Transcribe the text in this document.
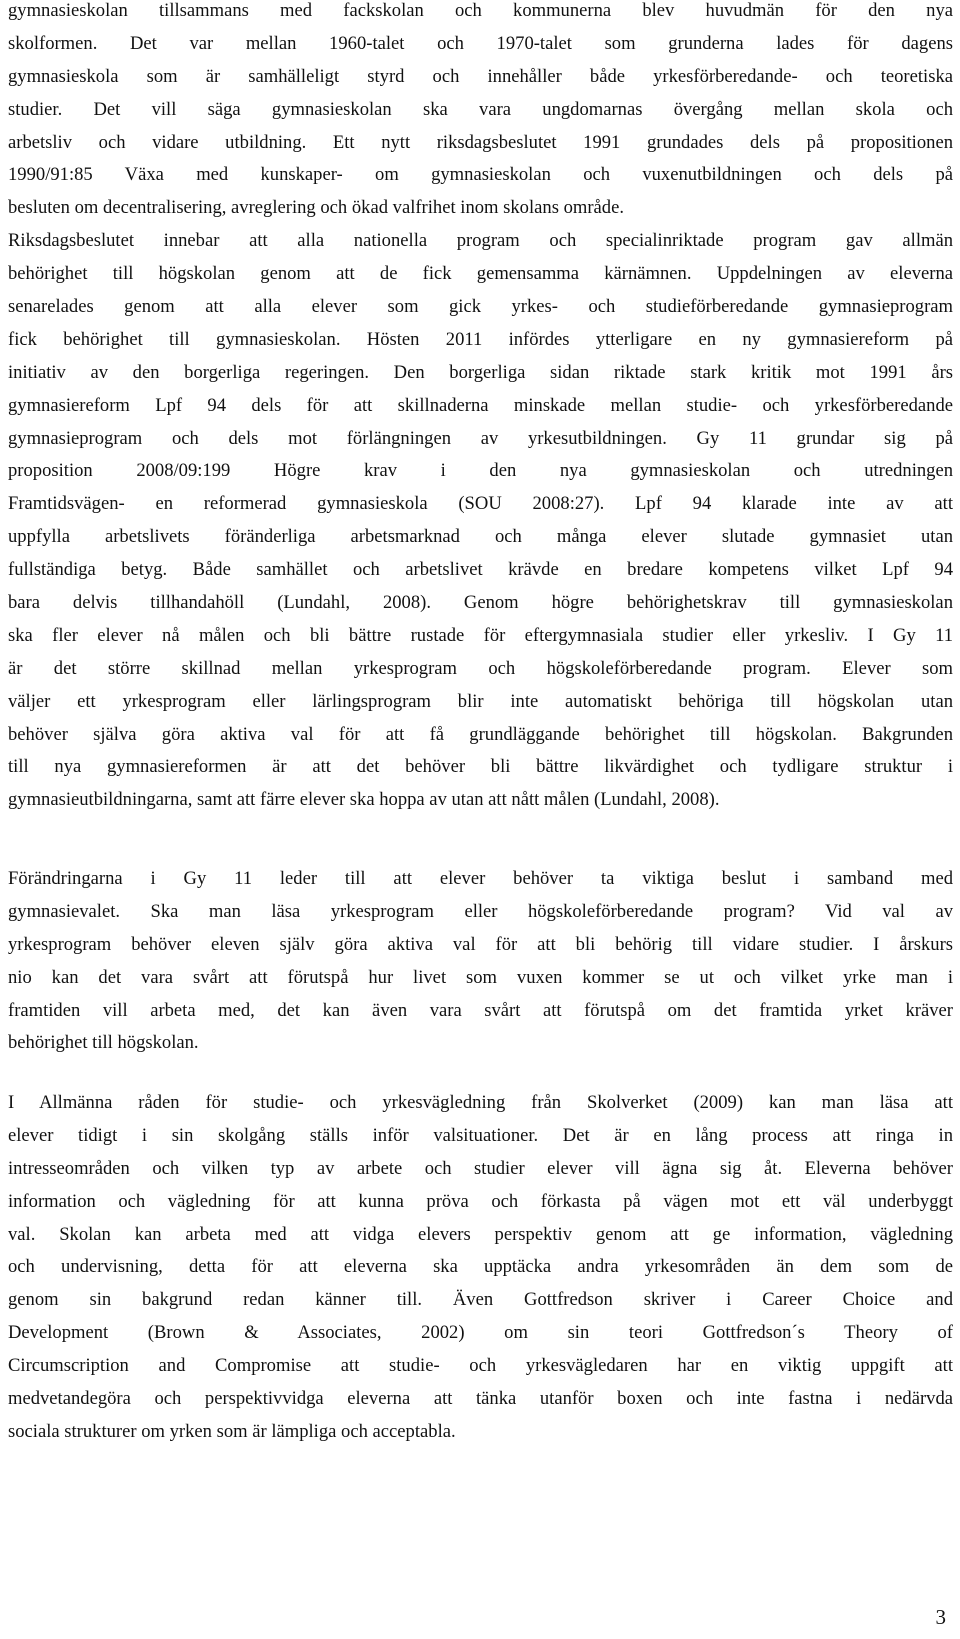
gymnasieskolan tillsammans med fackskolan och kommunerna blev huvudmän för den nya
skolformen. Det var mellan 1960-talet och 1970-talet som grunderna lades för dagens
gymnasieskola som är samhälleligt styrd och innehåller både yrkesförberedande- och teoretiska
studier. Det vill säga gymnasieskolan ska vara ungdomarnas övergång mellan skola och
arbetsliv och vidare utbildning. Ett nytt riksdagsbeslutet 1991 grundades dels på propositionen
1990/91:85 Växa med kunskaper- om gymnasieskolan och vuxenutbildningen och dels på
besluten om decentralisering, avreglering och ökad valfrihet inom skolans område.
Riksdagsbeslutet innebar att alla nationella program och specialinriktade program gav allmän
behörighet till högskolan genom att de fick gemensamma kärnämnen. Uppdelningen av eleverna
senarelades genom att alla elever som gick yrkes- och studieförberedande gymnasieprogram
fick behörighet till gymnasieskolan. Hösten 2011 infördes ytterligare en ny gymnasiereform på
initiativ av den borgerliga regeringen. Den borgerliga sidan riktade stark kritik mot 1991 års
gymnasiereform Lpf 94 dels för att skillnaderna minskade mellan studie- och yrkesförberedande
gymnasieprogram och dels mot förlängningen av yrkesutbildningen. Gy 11 grundar sig på
proposition 2008/09:199 Högre krav i den nya gymnasieskolan och utredningen
Framtidsvägen- en reformerad gymnasieskola (SOU 2008:27). Lpf 94 klarade inte av att
uppfylla arbetslivets föränderliga arbetsmarknad och många elever slutade gymnasiet utan
fullständiga betyg. Både samhället och arbetslivet krävde en bredare kompetens vilket Lpf 94
bara delvis tillhandahöll (Lundahl, 2008). Genom högre behörighetskrav till gymnasieskolan
ska fler elever nå målen och bli bättre rustade för eftergymnasiala studier eller yrkesliv. I Gy 11
är det större skillnad mellan yrkesprogram och högskoleförberedande program. Elever som
väljer ett yrkesprogram eller lärlingsprogram blir inte automatiskt behöriga till högskolan utan
behöver själva göra aktiva val för att få grundläggande behörighet till högskolan. Bakgrunden
till nya gymnasiereformen är att det behöver bli bättre likvärdighet och tydligare struktur i
gymnasieutbildningarna, samt att färre elever ska hoppa av utan att nått målen (Lundahl, 2008).
Förändringarna i Gy 11 leder till att elever behöver ta viktiga beslut i samband med
gymnasievalet. Ska man läsa yrkesprogram eller högskoleförberedande program? Vid val av
yrkesprogram behöver eleven själv göra aktiva val för att bli behörig till vidare studier. I årskurs
nio kan det vara svårt att förutspå hur livet som vuxen kommer se ut och vilket yrke man i
framtiden vill arbeta med, det kan även vara svårt att förutspå om det framtida yrket kräver
behörighet till högskolan.
I Allmänna råden för studie- och yrkesvägledning från Skolverket (2009) kan man läsa att
elever tidigt i sin skolgång ställs inför valsituationer. Det är en lång process att ringa in
intresseområden och vilken typ av arbete och studier elever vill ägna sig åt. Eleverna behöver
information och vägledning för att kunna pröva och förkasta på vägen mot ett väl underbyggt
val. Skolan kan arbeta med att vidga elevers perspektiv genom att ge information, vägledning
och undervisning, detta för att eleverna ska upptäcka andra yrkesområden än dem som de
genom sin bakgrund redan känner till. Även Gottfredson skriver i Career Choice and
Development (Brown & Associates, 2002) om sin teori Gottfredson´s Theory of
Circumscription and Compromise att studie- och yrkesvägledaren har en viktig uppgift att
medvetandegöra och perspektivvidga eleverna att tänka utanför boxen och inte fastna i nedärvda
sociala strukturer om yrken som är lämpliga och acceptabla.
3
